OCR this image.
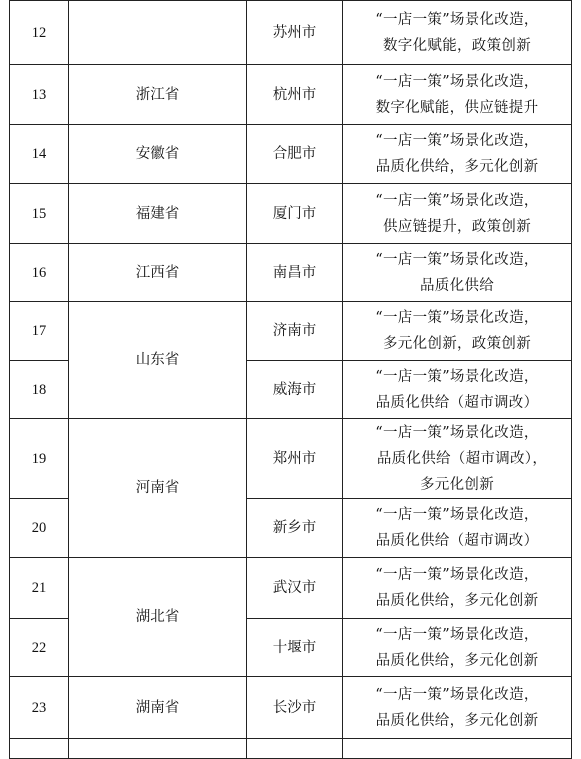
12		苏州市	“一店一策”场景化改造，
数字化赋能，政策创新

13	浙江省	杭州市	“一店一策”场景化改造，
数字化赋能，供应链提升

14	安徽省	合肥市	“一店一策”场景化改造，
品质化供给，多元化创新

15	福建省	厦门市	“一店一策”场景化改造，
供应链提升，政策创新

16	江西省	南昌市	“一店一策”场景化改造，
品质化供给

17	山东省	济南市	“一店一策”场景化改造，
多元化创新，政策创新

18		威海市	“一店一策”场景化改造，
品质化供给（超市调改）

19	河南省	郑州市	“一店一策”场景化改造，
品质化供给（超市调改），
多元化创新

20		新乡市	“一店一策”场景化改造，
品质化供给（超市调改）

21	湖北省	武汉市	“一店一策”场景化改造，
品质化供给，多元化创新

22		十堰市	“一店一策”场景化改造，
品质化供给，多元化创新

23	湖南省	长沙市	“一店一策”场景化改造，
品质化供给，多元化创新
